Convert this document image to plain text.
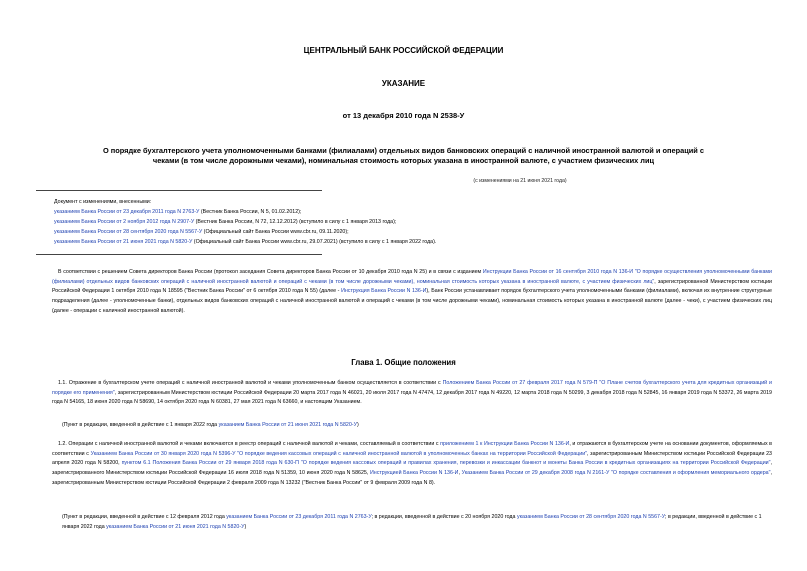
ЦЕНТРАЛЬНЫЙ БАНК РОССИЙСКОЙ ФЕДЕРАЦИИ
УКАЗАНИЕ
от 13 декабря 2010 года N 2538-У
О порядке бухгалтерского учета уполномоченными банками (филиалами) отдельных видов банковских операций с наличной иностранной валютой и операций с
чеками (в том числе дорожными чеками), номинальная стоимость которых указана в иностранной валюте, с участием физических лиц
(с изменениями на 21 июня 2021 года)
Документ с изменениями, внесенными:
указанием Банка России от 23 декабря 2011 года N 2763-У (Вестник Банка России, N 5, 01.02.2012);
указанием Банка России от 2 ноября 2012 года N 2907-У (Вестник Банка России, N 72, 12.12.2012) (вступило в силу с 1 января 2013 года);
указанием Банка России от 28 сентября 2020 года N 5567-У (Официальный сайт Банка России www.cbr.ru, 09.11.2020);
указанием Банка России от 21 июня 2021 года N 5820-У (Официальный сайт Банка России www.cbr.ru, 29.07.2021) (вступило в силу с 1 января 2022 года).
В соответствии с решением Совета директоров Банка России (протокол заседания Совета директоров Банка России от 10 декабря 2010 года N 25) и в связи с изданием Инструкции Банка России от 16 сентября 2010 года N 136-И "О порядке осуществления уполномоченными банками (филиалами) отдельных видов банковских операций с наличной иностранной валютой и операций с чеками (в том числе дорожными чеками), номинальная стоимость которых указана в иностранной валюте, с участием физических лиц", зарегистрированной Министерством юстиции Российской Федерации 1 октября 2010 года N 18595 ("Вестник Банка России" от 6 октября 2010 года N 55) (далее - Инструкция Банка России N 136-И), Банк России устанавливает порядок бухгалтерского учета уполномоченными банками (филиалами), включая их внутренние структурные подразделения (далее - уполномоченные банки), отдельных видов банковских операций с наличной иностранной валютой и операций с чеками (в том числе дорожными чеками), номинальная стоимость которых указана в иностранной валюте (далее - чеки), с участием физических лиц (далее - операции с наличной иностранной валютой).
Глава 1. Общие положения
1.1. Отражение в бухгалтерском учете операций с наличной иностранной валютой и чеками уполномоченным банком осуществляется в соответствии с Положением Банка России от 27 февраля 2017 года N 579-П "О Плане счетов бухгалтерского учета для кредитных организаций и порядке его применения", зарегистрированным Министерством юстиции Российской Федерации 20 марта 2017 года N 46021, 20 июля 2017 года N 47474, 12 декабря 2017 года N 49220, 12 марта 2018 года N 50299, 3 декабря 2018 года N 52845, 16 января 2019 года N 53372, 26 марта 2019 года N 54165, 18 июня 2020 года N 58690, 14 октября 2020 года N 60381, 27 мая 2021 года N 63660, и настоящим Указанием.
(Пункт в редакции, введенной в действие с 1 января 2022 года указанием Банка России от 21 июня 2021 года N 5820-У)
1.2. Операции с наличной иностранной валютой и чеками включаются в реестр операций с наличной валютой и чеками, составляемый в соответствии с приложением 1 к Инструкции Банка России N 136-И, и отражаются в бухгалтерском учете на основании документов, оформляемых в соответствии с Указанием Банка России от 30 января 2020 года N 5396-У "О порядке ведения кассовых операций с наличной иностранной валютой в уполномоченных банках на территории Российской Федерации", зарегистрированным Министерством юстиции Российской Федерации 23 апреля 2020 года N 58200, пунктом 6.1 Положения Банка России от 29 января 2018 года N 630-П "О порядке ведения кассовых операций и правилах хранения, перевозки и инкассации банкнот и монеты Банка России в кредитных организациях на территории Российской Федерации", зарегистрированного Министерством юстиции Российской Федерации 16 июля 2018 года N 51359, 10 июня 2020 года N 58625, Инструкцией Банка России N 136-И, Указанием Банка России от 29 декабря 2008 года N 2161-У "О порядке составления и оформления мемориального ордера", зарегистрированным Министерством юстиции Российской Федерации 2 февраля 2009 года N 13232 ("Вестник Банка России" от 9 февраля 2009 года N 8).
(Пункт в редакции, введенной в действие с 12 февраля 2012 года указанием Банка России от 23 декабря 2011 года N 2763-У; в редакции, введенной в действие с 20 ноября 2020 года указанием Банка России от 28 сентября 2020 года N 5567-У; в редакции, введенной в действие с 1 января 2022 года указанием Банка России от 21 июня 2021 года N 5820-У)
